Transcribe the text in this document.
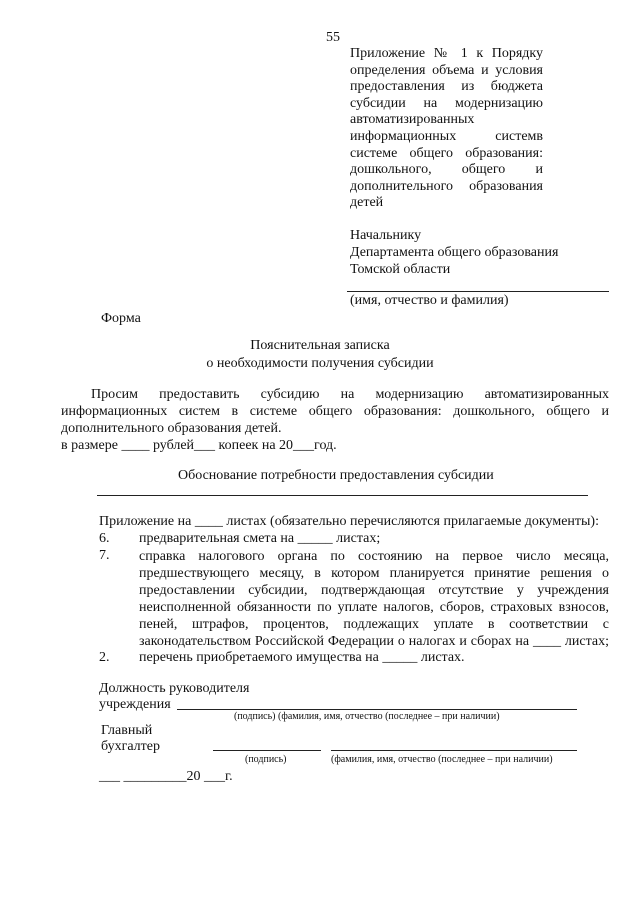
55
Приложение № 1 к Порядку
определения объема и условия
предоставления из бюджета
субсидии на модернизацию
автоматизированных
информационных системв
системе общего образования:
дошкольного, общего и
дополнительного образования
детей
Начальнику
Департамента общего образования
Томской области
(имя, отчество и фамилия)
Форма
Пояснительная записка
о необходимости получения субсидии
Просим предоставить субсидию на модернизацию автоматизированных
информационных систем в системе общего образования: дошкольного, общего и
дополнительного образования детей.
в размере ____ рублей___ копеек на 20___год.
Обоснование потребности предоставления субсидии
Приложение на ____ листах (обязательно перечисляются прилагаемые документы):
6. предварительная смета на _____ листах;
7. справка налогового органа по состоянию на первое число месяца,
предшествующего месяцу, в котором планируется принятие решения о
предоставлении субсидии, подтверждающая отсутствие у учреждения
неисполненной обязанности по уплате налогов, сборов, страховых взносов,
пеней, штрафов, процентов, подлежащих уплате в соответствии с
законодательством Российской Федерации о налогах и сборах на ____ листах;
2. перечень приобретаемого имущества на _____ листах.
Должность руководителя
учреждения
(подпись) (фамилия, имя, отчество (последнее – при наличии)
Главный
бухгалтер
(подпись)	(фамилия, имя, отчество (последнее – при наличии)
___ _________20 ___г.
